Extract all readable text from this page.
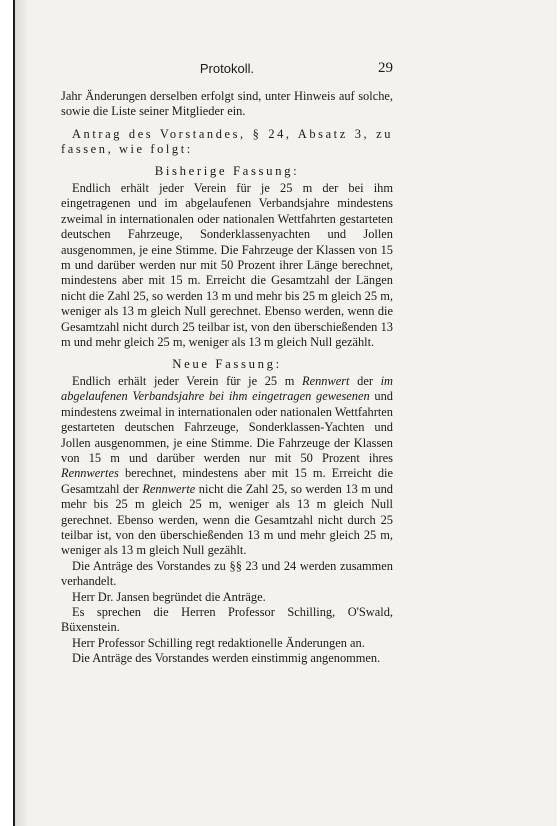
Protokoll.	29

Jahr Änderungen derselben erfolgt sind, unter Hinweis auf solche, sowie die Liste seiner Mitglieder ein.

Antrag des Vorstandes, § 24, Absatz 3, zu fassen, wie folgt:

Bisherige Fassung:

Endlich erhält jeder Verein für je 25 m der bei ihm eingetragenen und im abgelaufenen Verbandsjahre mindestens zweimal in internationalen oder nationalen Wettfahrten gestarteten deutschen Fahrzeuge, Sonderklassenyachten und Jollen ausgenommen, je eine Stimme. Die Fahrzeuge der Klassen von 15 m und darüber werden nur mit 50 Prozent ihrer Länge berechnet, mindestens aber mit 15 m. Erreicht die Gesamtzahl der Längen nicht die Zahl 25, so werden 13 m und mehr bis 25 m gleich 25 m, weniger als 13 m gleich Null gerechnet. Ebenso werden, wenn die Gesamtzahl nicht durch 25 teilbar ist, von den überschießenden 13 m und mehr gleich 25 m, weniger als 13 m gleich Null gezählt.

Neue Fassung:

Endlich erhält jeder Verein für je 25 m Rennwert der im abgelaufenen Verbandsjahre bei ihm eingetragen gewesenen und mindestens zweimal in internationalen oder nationalen Wettfahrten gestarteten deutschen Fahrzeuge, Sonderklassen-Yachten und Jollen ausgenommen, je eine Stimme. Die Fahrzeuge der Klassen von 15 m und darüber werden nur mit 50 Prozent ihres Rennwertes berechnet, mindestens aber mit 15 m. Erreicht die Gesamtzahl der Rennwerte nicht die Zahl 25, so werden 13 m und mehr bis 25 m gleich 25 m, weniger als 13 m gleich Null gerechnet. Ebenso werden, wenn die Gesamtzahl nicht durch 25 teilbar ist, von den überschießenden 13 m und mehr gleich 25 m, weniger als 13 m gleich Null gezählt.

Die Anträge des Vorstandes zu §§ 23 und 24 werden zusammen verhandelt.

Herr Dr. Jansen begründet die Anträge.

Es sprechen die Herren Professor Schilling, O'Swald, Büxenstein.

Herr Professor Schilling regt redaktionelle Änderungen an.

Die Anträge des Vorstandes werden einstimmig angenommen.
